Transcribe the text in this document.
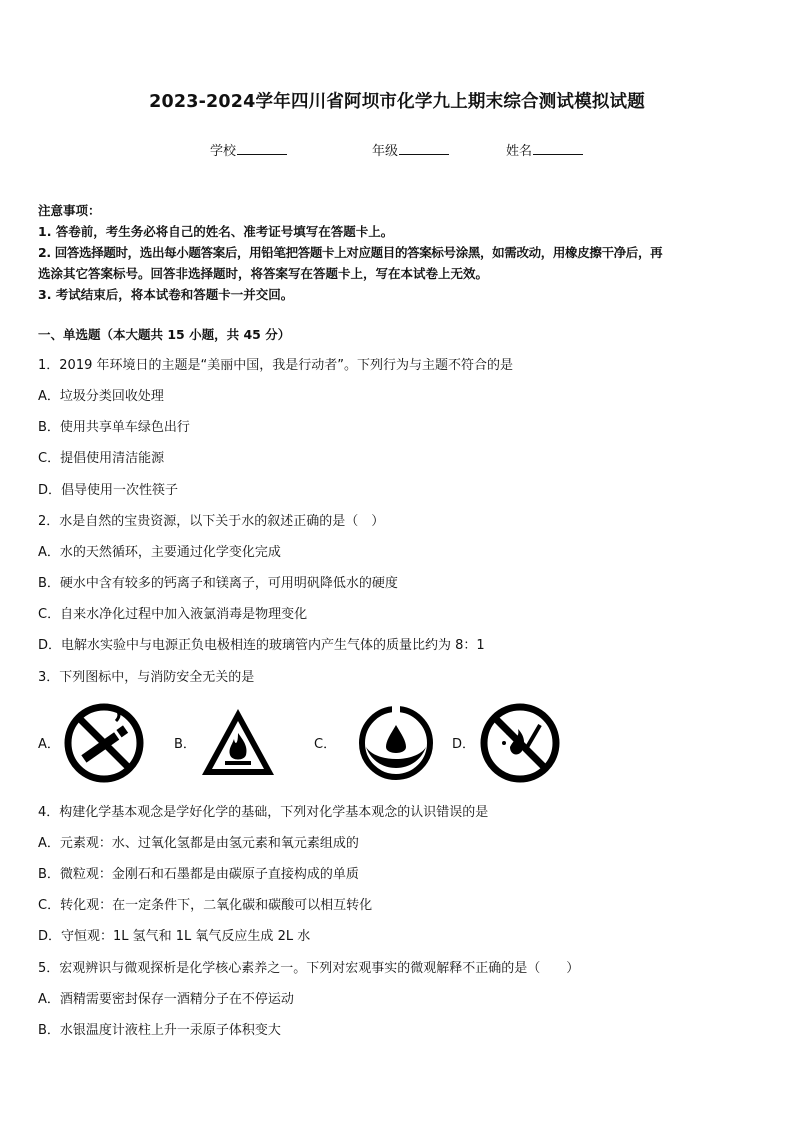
2023-2024学年四川省阿坝市化学九上期末综合测试模拟试题
学校	年级	姓名
注意事项：
1. 答卷前，考生务必将自己的姓名、准考证号填写在答题卡上。
2. 回答选择题时，选出每小题答案后，用铅笔把答题卡上对应题目的答案标号涂黑，如需改动，用橡皮擦干净后，再
选涂其它答案标号。回答非选择题时，将答案写在答题卡上，写在本试卷上无效。
3. 考试结束后，将本试卷和答题卡一并交回。
一、单选题（本大题共 15 小题，共 45 分）
1．2019 年环境日的主题是“美丽中国，我是行动者”。下列行为与主题不符合的是
A．垃圾分类回收处理
B．使用共享单车绿色出行
C．提倡使用清洁能源
D．倡导使用一次性筷子
2．水是自然的宝贵资源，以下关于水的叙述正确的是（　）
A．水的天然循环，主要通过化学变化完成
B．硬水中含有较多的钙离子和镁离子，可用明矾降低水的硬度
C．自来水净化过程中加入液氯消毒是物理变化
D．电解水实验中与电源正负电极相连的玻璃管内产生气体的质量比约为 8：1
3．下列图标中，与消防安全无关的是
A．	B．	C．	D．
4．构建化学基本观念是学好化学的基础，下列对化学基本观念的认识错误的是
A．元素观：水、过氧化氢都是由氢元素和氧元素组成的
B．微粒观：金刚石和石墨都是由碳原子直接构成的单质
C．转化观：在一定条件下，二氧化碳和碳酸可以相互转化
D．守恒观：1L 氢气和 1L 氧气反应生成 2L 水
5．宏观辨识与微观探析是化学核心素养之一。下列对宏观事实的微观解释不正确的是（　　）
A．酒精需要密封保存一酒精分子在不停运动
B．水银温度计液柱上升一汞原子体积变大
